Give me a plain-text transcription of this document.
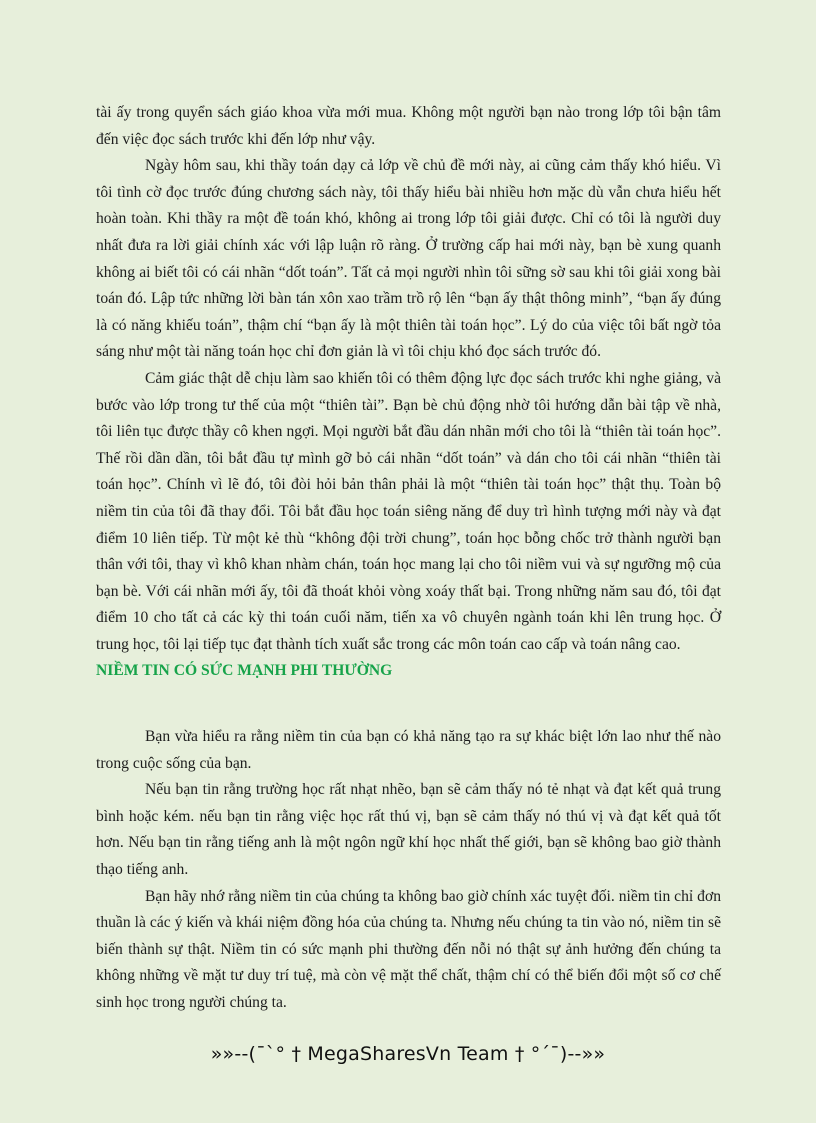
tài ấy trong quyển sách giáo khoa vừa mới mua. Không một người bạn nào trong lớp tôi bận tâm đến việc đọc sách trước khi đến lớp như vậy.

Ngày hôm sau, khi thầy toán dạy cả lớp về chủ đề mới này, ai cũng cảm thấy khó hiểu. Vì tôi tình cờ đọc trước đúng chương sách này, tôi thấy hiểu bài nhiều hơn mặc dù vẫn chưa hiểu hết hoàn toàn. Khi thầy ra một đề toán khó, không ai trong lớp tôi giải được. Chỉ có tôi là người duy nhất đưa ra lời giải chính xác với lập luận rõ ràng. Ở trường cấp hai mới này, bạn bè xung quanh không ai biết tôi có cái nhãn “dốt toán”. Tất cả mọi người nhìn tôi sững sờ sau khi tôi giải xong bài toán đó. Lập tức những lời bàn tán xôn xao trầm trồ rộ lên “bạn ấy thật thông minh”, “bạn ấy đúng là có năng khiếu toán”, thậm chí “bạn ấy là một thiên tài toán học”. Lý do của việc tôi bất ngờ tỏa sáng như một tài năng toán học chỉ đơn giản là vì tôi chịu khó đọc sách trước đó.

Cảm giác thật dễ chịu làm sao khiến tôi có thêm động lực đọc sách trước khi nghe giảng, và bước vào lớp trong tư thế của một “thiên tài”. Bạn bè chủ động nhờ tôi hướng dẫn bài tập về nhà, tôi liên tục được thầy cô khen ngợi. Mọi người bắt đầu dán nhãn mới cho tôi là “thiên tài toán học”. Thế rồi dần dần, tôi bắt đầu tự mình gỡ bỏ cái nhãn “dốt toán” và dán cho tôi cái nhãn “thiên tài toán học”. Chính vì lẽ đó, tôi đòi hỏi bản thân phải là một “thiên tài toán học” thật thụ. Toàn bộ niềm tin của tôi đã thay đổi. Tôi bắt đầu học toán siêng năng để duy trì hình tượng mới này và đạt điểm 10 liên tiếp. Từ một kẻ thù “không đội trời chung”, toán học bỗng chốc trở thành người bạn thân với tôi, thay vì khô khan nhàm chán, toán học mang lại cho tôi niềm vui và sự ngưỡng mộ của bạn bè. Với cái nhãn mới ấy, tôi đã thoát khỏi vòng xoáy thất bại. Trong những năm sau đó, tôi đạt điểm 10 cho tất cả các kỳ thi toán cuối năm, tiến xa vô chuyên ngành toán khi lên trung học. Ở trung học, tôi lại tiếp tục đạt thành tích xuất sắc trong các môn toán cao cấp và toán nâng cao.

NIỀM TIN CÓ SỨC MẠNH PHI THƯỜNG

Bạn vừa hiểu ra rằng niềm tin của bạn có khả năng tạo ra sự khác biệt lớn lao như thế nào trong cuộc sống của bạn.

Nếu bạn tin rằng trường học rất nhạt nhẽo, bạn sẽ cảm thấy nó tẻ nhạt và đạt kết quả trung bình hoặc kém. nếu bạn tin rằng việc học rất thú vị, bạn sẽ cảm thấy nó thú vị và đạt kết quả tốt hơn. Nếu bạn tin rằng tiếng anh là một ngôn ngữ khí học nhất thế giới, bạn sẽ không bao giờ thành thạo tiếng anh.

Bạn hãy nhớ rằng niềm tin của chúng ta không bao giờ chính xác tuyệt đối. niềm tin chỉ đơn thuần là các ý kiến và khái niệm đồng hóa của chúng ta. Nhưng nếu chúng ta tin vào nó, niềm tin sẽ biến thành sự thật. Niềm tin có sức mạnh phi thường đến nỗi nó thật sự ảnh hưởng đến chúng ta không những về mặt tư duy trí tuệ, mà còn vệ mặt thể chất, thậm chí có thể biến đổi một số cơ chế sinh học trong người chúng ta.

»»--(¯`° † MegaSharesVn Team † °´¯)--»»
